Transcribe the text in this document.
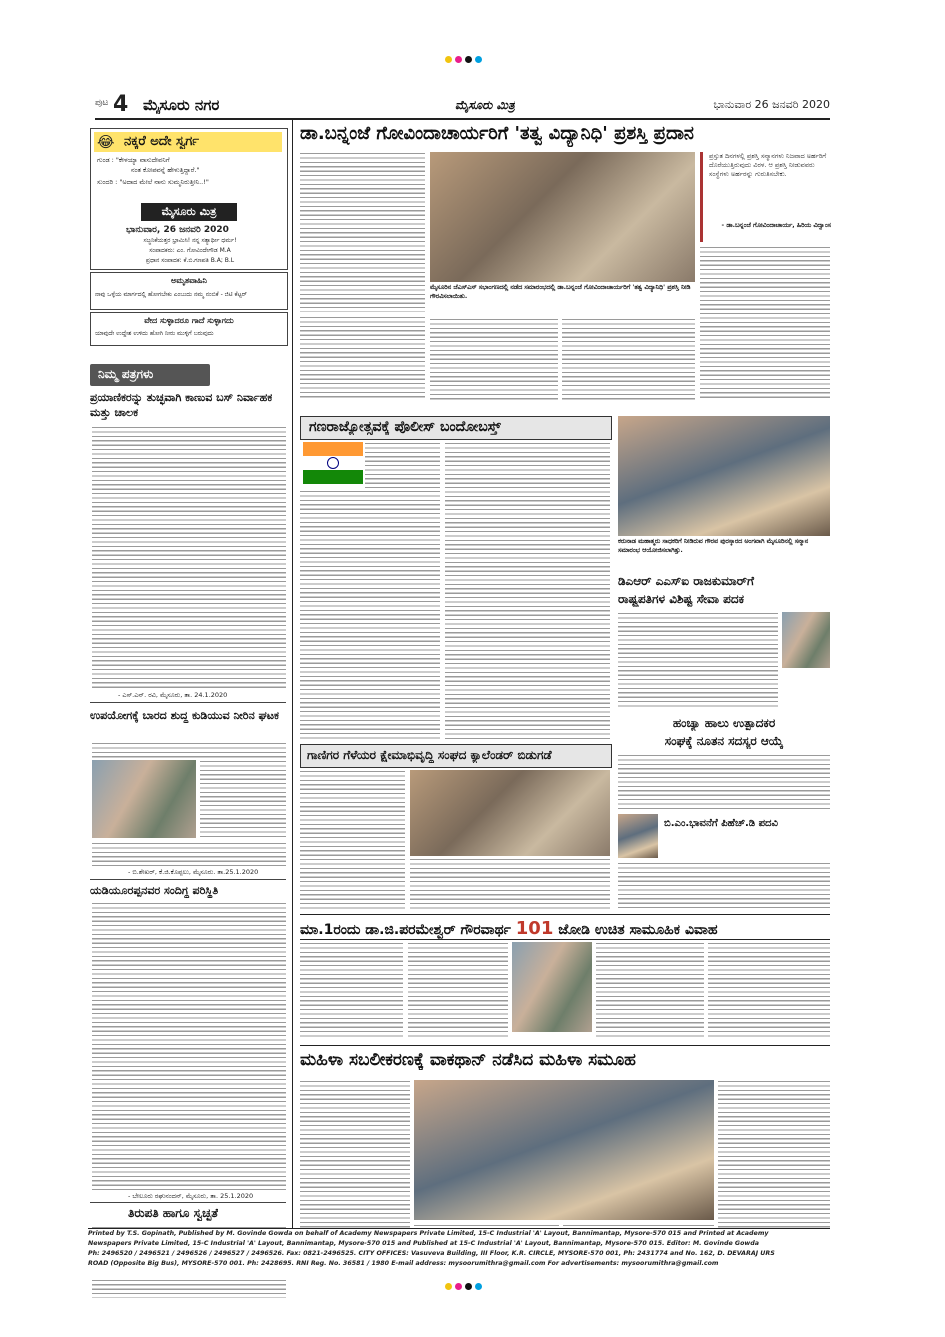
ಪುಟ 4 ಮೈಸೂರು ನಗರ	ಮೈಸೂರು ಮಿತ್ರ	ಭಾನುವಾರ 26 ಜನವರಿ 2020
😂 ನಕ್ಕರೆ ಅದೇ ಸ್ವರ್ಗ
ಗುಂಡ : "ಕೇಳಯ್ಯಾ ವಾಸುದೇವನಿಗೆ
ನಂತ ಕೋಪವನ್ನೆ ಹೇಳುತ್ತಿದ್ದಾರೆ."
ಸುಂದರಿ : "ಅದಾದ ಮೇಲೆ ನಾನು ಸುಮ್ಮನಿರುತ್ತೀನಿ..!"
ಮೈಸೂರು ಮಿತ್ರ
ಭಾನುವಾರ, 26 ಜನವರಿ 2020
ಸಜ್ಜನಿಕೆಯತ್ತರ ಭ್ರಾಮಿಸಿ! ನನ್ನ ಸತ್ಯಾರ್ಥೀ ಧರ್ಮ!
ಸಂಪಾದಕರು: ಎಂ. ಗೋವಿಂದೇಗೌಡ M.A
ಪ್ರಧಾನ ಸಂಪಾದಕ: ಕೆ.ಬಿ.ಗಣಪತಿ B.A; B.L
ಅಮೃತವಾಹಿನಿ
ನಾವು ಒಳ್ಳೆಯ ಮಾರ್ಗದಲ್ಲಿ ಹೋಗಬೇಕು ಎಂಬುದು ನಮ್ಮ ನಂಬಿಕೆ - ಜಿಟಿ ಕೆಟ್ಟರ್
ವೇದ ಸುಳ್ಳಾದರೂ ಗಾದೆ ಸುಳ್ಳಾಗದು
ಯಾವುದೇ ಉದ್ದೇಶ ಉಳಿದು ಹೋಗಿ ನೀರು ಮುಳ್ಳಿಗೆ ಬರುವುದು
ನಿಮ್ಮ ಪತ್ರಗಳು
ಪ್ರಯಾಣಿಕರನ್ನು ತುಚ್ಛವಾಗಿ ಕಾಣುವ ಬಸ್ ನಿರ್ವಾಹಕ ಮತ್ತು ಚಾಲಕ
- ಎಸ್.ಎನ್. ರವಿ, ಮೈಸೂರು, ತಾ. 24.1.2020
ಉಪಯೋಗಕ್ಕೆ ಬಾರದ ಶುದ್ಧ ಕುಡಿಯುವ ನೀರಿನ ಘಟಕ
- ಬಿ.ಶೇಖರ್, ಕೆ.ಜಿ.ಕೊಪ್ಪಲು, ಮೈಸೂರು. ತಾ.25.1.2020
ಯಡಿಯೂರಪ್ಪನವರ ಸಂದಿಗ್ಧ ಪರಿಸ್ಥಿತಿ
- ಬೇಲೂರು ರಘುನಂದನ್, ಮೈಸೂರು, ತಾ. 25.1.2020
ತಿರುಪತಿ ಹಾಗೂ ಸ್ವಚ್ಛತೆ
ಡಾ.ಬನ್ನಂಜೆ ಗೋವಿಂದಾಚಾರ್ಯರಿಗೆ 'ತತ್ವ ವಿದ್ಯಾನಿಧಿ' ಪ್ರಶಸ್ತಿ ಪ್ರದಾನ
ಮೈಸೂರಿನ ಜೆಎಸ್‌ಎಸ್ ಸಭಾಂಗಣದಲ್ಲಿ ನಡೆದ ಸಮಾರಂಭದಲ್ಲಿ ಡಾ.ಬನ್ನಂಜೆ ಗೋವಿಂದಾಚಾರ್ಯರಿಗೆ 'ತತ್ವ ವಿದ್ಯಾನಿಧಿ' ಪ್ರಶಸ್ತಿ ನೀಡಿ ಗೌರವಿಸಲಾಯಿತು.
ಪ್ರಸ್ತುತ ದಿನಗಳಲ್ಲಿ ಪ್ರಶಸ್ತಿ ಸನ್ಮಾನಗಳು ನಿಜವಾದ ಅರ್ಹರಿಗೆ ದೊರೆಯುತ್ತಿರುವುದು ವಿರಳ. ಆ ಪ್ರಶಸ್ತಿ ನೀಡುವವರು ಸಂಸ್ಥೆಗಳು ಅರ್ಹರನ್ನು ಗುರುತಿಸಬೇಕು.
- ಡಾ.ಬನ್ನಂಜೆ ಗೋವಿಂದಾಚಾರ್ಯ, ಹಿರಿಯ ವಿದ್ವಾಂಸ
ಗಣರಾಜ್ಯೋತ್ಸವಕ್ಕೆ ಪೊಲೀಸ್ ಬಂದೋಬಸ್ತ್
ಕರುನಾಡ ಮಹಾತ್ಮರು ಸಾಧಕರಿಗೆ ನೀಡಿರುವ ಗೌರವ ಪುರಸ್ಕಾರದ ಅಂಗವಾಗಿ ಮೈಸೂರಿನಲ್ಲಿ ಸನ್ಮಾನ ಸಮಾರಂಭ ಆಯೋಜಿಸಲಾಗಿತ್ತು.
ಡಿಎಆರ್ ಎಎಸ್ಐ ರಾಜಕುಮಾರ್‌ಗೆ
ರಾಷ್ಟ್ರಪತಿಗಳ ವಿಶಿಷ್ಟ ಸೇವಾ ಪದಕ
ಹಂಚ್ಯಾ ಹಾಲು ಉತ್ಪಾದಕರ
ಸಂಘಕ್ಕೆ ನೂತನ ಸದಸ್ಯರ ಆಯ್ಕೆ
ಗಾಣಿಗರ ಗೆಳೆಯರ ಕ್ಷೇಮಾಭಿವೃದ್ಧಿ ಸಂಘದ ಕ್ಯಾಲೆಂಡರ್ ಬಿಡುಗಡೆ
ಬಿ.ಎಂ.ಭಾವನೆಗೆ ಪಿಹೆಚ್.ಡಿ ಪದವಿ
ಮಾ.1ರಂದು ಡಾ.ಜಿ.ಪರಮೇಶ್ವರ್ ಗೌರವಾರ್ಥ 101 ಜೋಡಿ ಉಚಿತ ಸಾಮೂಹಿಕ ವಿವಾಹ
ಮಹಿಳಾ ಸಬಲೀಕರಣಕ್ಕೆ ವಾಕಥಾನ್ ನಡೆಸಿದ ಮಹಿಳಾ ಸಮೂಹ
Printed by T.S. Gopinath, Published by M. Govinde Gowda on behalf of Academy Newspapers Private Limited, 15-C Industrial 'A' Layout, Bannimantap, Mysore-570 015 and Printed at Academy
Newspapers Private Limited, 15-C Industrial 'A' Layout, Bannimantap, Mysore-570 015 and Published at 15-C Industrial 'A' Layout, Bannimantap, Mysore-570 015. Editor: M. Govinde Gowda
Ph: 2496520 / 2496521 / 2496526 / 2496527 / 2496526. Fax: 0821-2496525. CITY OFFICES: Vasuveva Building, III Floor, K.R. CIRCLE, MYSORE-570 001, Ph: 2431774 and No. 162, D. DEVARAJ URS
ROAD (Opposite Big Bus), MYSORE-570 001. Ph: 2428695. RNI Reg. No. 36581 / 1980 E-mail address: mysoorumithra@gmail.com For advertisements: mysoorumithra@gmail.com
